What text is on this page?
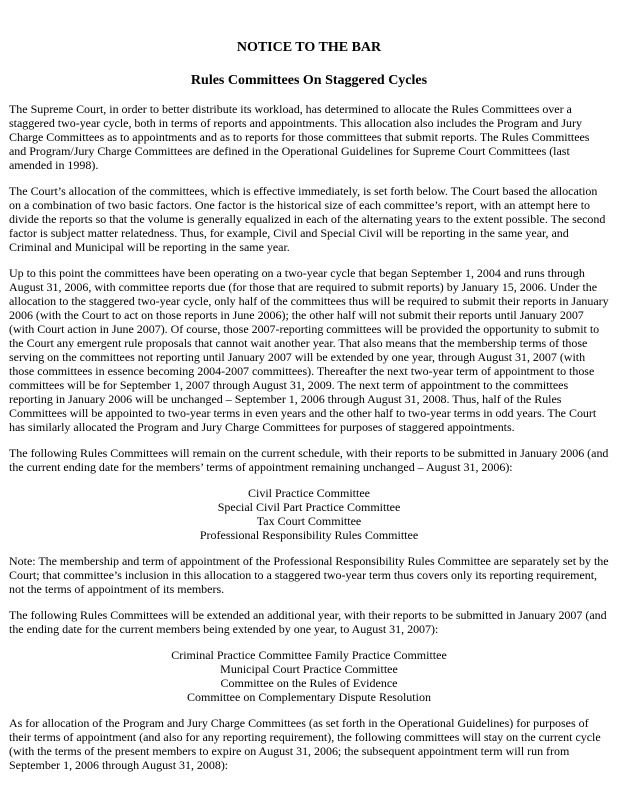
NOTICE TO THE BAR
Rules Committees On Staggered Cycles

The Supreme Court, in order to better distribute its workload, has determined to allocate the Rules Committees over a staggered two-year cycle, both in terms of reports and appointments. This allocation also includes the Program and Jury Charge Committees as to appointments and as to reports for those committees that submit reports. The Rules Committees and Program/Jury Charge Committees are defined in the Operational Guidelines for Supreme Court Committees (last amended in 1998).

The Court’s allocation of the committees, which is effective immediately, is set forth below. The Court based the allocation on a combination of two basic factors. One factor is the historical size of each committee’s report, with an attempt here to divide the reports so that the volume is generally equalized in each of the alternating years to the extent possible. The second factor is subject matter relatedness. Thus, for example, Civil and Special Civil will be reporting in the same year, and Criminal and Municipal will be reporting in the same year.

Up to this point the committees have been operating on a two-year cycle that began September 1, 2004 and runs through August 31, 2006, with committee reports due (for those that are required to submit reports) by January 15, 2006. Under the allocation to the staggered two-year cycle, only half of the committees thus will be required to submit their reports in January 2006 (with the Court to act on those reports in June 2006); the other half will not submit their reports until January 2007 (with Court action in June 2007). Of course, those 2007-reporting committees will be provided the opportunity to submit to the Court any emergent rule proposals that cannot wait another year. That also means that the membership terms of those serving on the committees not reporting until January 2007 will be extended by one year, through August 31, 2007 (with those committees in essence becoming 2004-2007 committees). Thereafter the next two-year term of appointment to those committees will be for September 1, 2007 through August 31, 2009. The next term of appointment to the committees reporting in January 2006 will be unchanged – September 1, 2006 through August 31, 2008. Thus, half of the Rules Committees will be appointed to two-year terms in even years and the other half to two-year terms in odd years. The Court has similarly allocated the Program and Jury Charge Committees for purposes of staggered appointments.

The following Rules Committees will remain on the current schedule, with their reports to be submitted in January 2006 (and the current ending date for the members’ terms of appointment remaining unchanged – August 31, 2006):

Civil Practice Committee
Special Civil Part Practice Committee
Tax Court Committee
Professional Responsibility Rules Committee

Note: The membership and term of appointment of the Professional Responsibility Rules Committee are separately set by the Court; that committee’s inclusion in this allocation to a staggered two-year term thus covers only its reporting requirement, not the terms of appointment of its members.

The following Rules Committees will be extended an additional year, with their reports to be submitted in January 2007 (and the ending date for the current members being extended by one year, to August 31, 2007):

Criminal Practice Committee Family Practice Committee
Municipal Court Practice Committee
Committee on the Rules of Evidence
Committee on Complementary Dispute Resolution

As for allocation of the Program and Jury Charge Committees (as set forth in the Operational Guidelines) for purposes of their terms of appointment (and also for any reporting requirement), the following committees will stay on the current cycle (with the terms of the present members to expire on August 31, 2006; the subsequent appointment term will run from September 1, 2006 through August 31, 2008):
